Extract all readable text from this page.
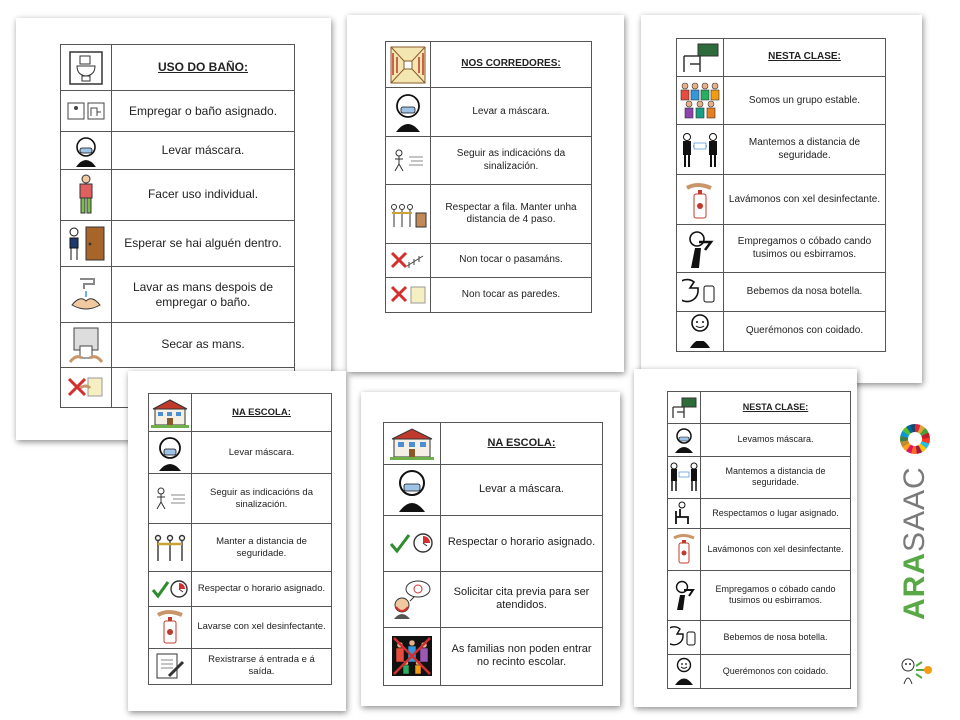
USO DO BAÑO:
Empregar o baño asignado.
Levar máscara.
Facer uso individual.
Esperar se hai alguén dentro.
Lavar as mans despois de empregar o baño.
Secar as mans.
NOS CORREDORES:
Levar a máscara.
Seguir as indicacións da sinalización.
Respectar a fila. Manter unha distancia de 4 paso.
Non tocar o pasamáns.
Non tocar as paredes.
NESTA CLASE:
Somos un grupo estable.
Mantemos a distancia de seguridade.
Lavámonos con xel desinfectante.
Empregamos o cóbado cando tusimos ou esbirramos.
Bebemos da nosa botella.
Querémonos con coidado.
NA ESCOLA:
Levar máscara.
Seguir as indicacións da sinalización.
Manter a distancia de seguridade.
Respectar o horario asignado.
Lavarse con xel desinfectante.
Rexistrarse á entrada e á saída.
NA ESCOLA:
Levar a máscara.
Respectar o horario asignado.
Solicitar cita previa para ser atendidos.
As familias non poden entrar no recinto escolar.
NESTA CLASE:
Levamos máscara.
Mantemos a distancia de seguridade.
Respectamos o lugar asignado.
Lavámonos con xel desinfectante.
Empregamos o cóbado cando tusimos ou esbirramos.
Bebemos de nosa botella.
Querémonos con coidado.
ARASAAC
